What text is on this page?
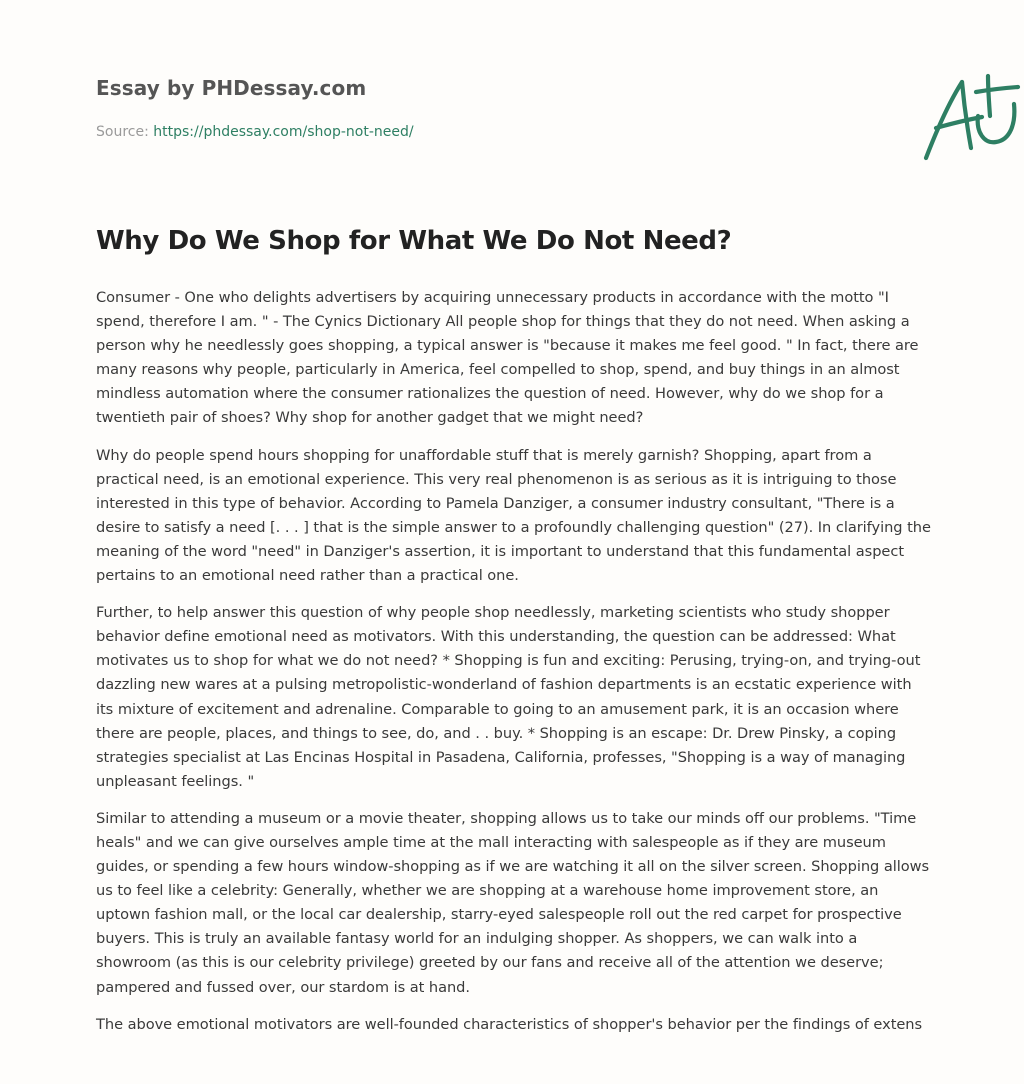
Essay by PHDessay.com
Source: https://phdessay.com/shop-not-need/
Why Do We Shop for What We Do Not Need?

Consumer - One who delights advertisers by acquiring unnecessary products in accordance with the motto "I spend, therefore I am. " - The Cynics Dictionary All people shop for things that they do not need. When asking a person why he needlessly goes shopping, a typical answer is "because it makes me feel good. " In fact, there are many reasons why people, particularly in America, feel compelled to shop, spend, and buy things in an almost mindless automation where the consumer rationalizes the question of need. However, why do we shop for a twentieth pair of shoes? Why shop for another gadget that we might need?

Why do people spend hours shopping for unaffordable stuff that is merely garnish? Shopping, apart from a practical need, is an emotional experience. This very real phenomenon is as serious as it is intriguing to those interested in this type of behavior. According to Pamela Danziger, a consumer industry consultant, "There is a desire to satisfy a need [. . . ] that is the simple answer to a profoundly challenging question" (27). In clarifying the meaning of the word "need" in Danziger's assertion, it is important to understand that this fundamental aspect pertains to an emotional need rather than a practical one.

Further, to help answer this question of why people shop needlessly, marketing scientists who study shopper behavior define emotional need as motivators. With this understanding, the question can be addressed: What motivates us to shop for what we do not need? * Shopping is fun and exciting: Perusing, trying-on, and trying-out dazzling new wares at a pulsing metropolistic-wonderland of fashion departments is an ecstatic experience with its mixture of excitement and adrenaline. Comparable to going to an amusement park, it is an occasion where there are people, places, and things to see, do, and . . buy. * Shopping is an escape: Dr. Drew Pinsky, a coping strategies specialist at Las Encinas Hospital in Pasadena, California, professes, "Shopping is a way of managing unpleasant feelings. "

Similar to attending a museum or a movie theater, shopping allows us to take our minds off our problems. "Time heals" and we can give ourselves ample time at the mall interacting with salespeople as if they are museum guides, or spending a few hours window-shopping as if we are watching it all on the silver screen. Shopping allows us to feel like a celebrity: Generally, whether we are shopping at a warehouse home improvement store, an uptown fashion mall, or the local car dealership, starry-eyed salespeople roll out the red carpet for prospective buyers. This is truly an available fantasy world for an indulging shopper. As shoppers, we can walk into a showroom (as this is our celebrity privilege) greeted by our fans and receive all of the attention we deserve; pampered and fussed over, our stardom is at hand.

The above emotional motivators are well-founded characteristics of shopper's behavior per the findings of extens
